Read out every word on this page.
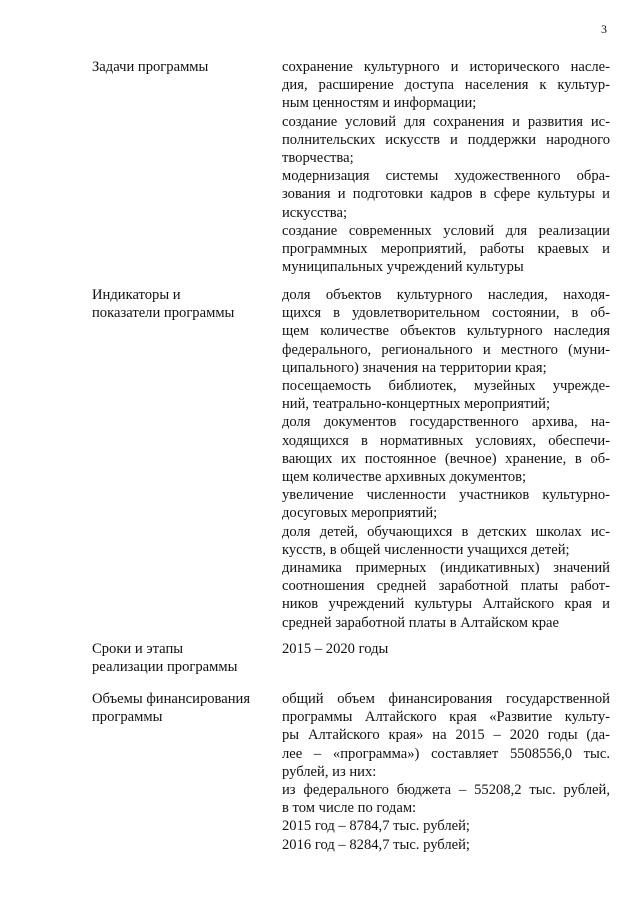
3
Задачи программы	сохранение культурного и исторического насле-
дия, расширение доступа населения к культур-
ным ценностям и информации;
создание условий для сохранения и развития ис-
полнительских искусств и поддержки народного
творчества;
модернизация системы художественного обра-
зования и подготовки кадров в сфере культуры и
искусства;
создание современных условий для реализации
программных мероприятий, работы краевых и
муниципальных учреждений культуры
Индикаторы и
показатели программы
доля объектов культурного наследия, находя-
щихся в удовлетворительном состоянии, в об-
щем количестве объектов культурного наследия
федерального, регионального и местного (муни-
ципального) значения на территории края;
посещаемость библиотек, музейных учрежде-
ний, театрально-концертных мероприятий;
доля документов государственного архива, на-
ходящихся в нормативных условиях, обеспечи-
вающих их постоянное (вечное) хранение, в об-
щем количестве архивных документов;
увеличение численности участников культурно-
досуговых мероприятий;
доля детей, обучающихся в детских школах ис-
кусств, в общей численности учащихся детей;
динамика примерных (индикативных) значений
соотношения средней заработной платы работ-
ников учреждений культуры Алтайского края и
средней заработной платы в Алтайском крае
Сроки и этапы
реализации программы
2015 – 2020 годы
Объемы финансирования
программы
общий объем финансирования государственной
программы Алтайского края «Развитие культу-
ры Алтайского края» на 2015 – 2020 годы (да-
лее – «программа») составляет 5508556,0 тыс.
рублей, из них:
из федерального бюджета – 55208,2 тыс. рублей,
в том числе по годам:
2015 год – 8784,7 тыс. рублей;
2016 год – 8284,7 тыс. рублей;
